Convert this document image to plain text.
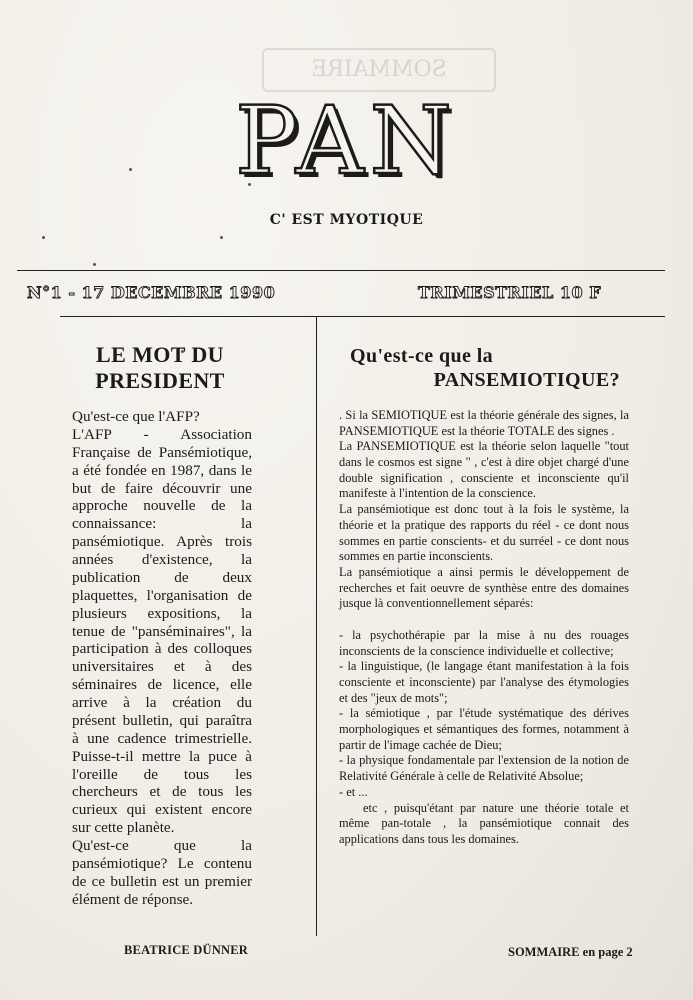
SOMMAIRE
PAN
C' EST MYOTIQUE
N°1 - 17 DECEMBRE 1990	TRIMESTRIEL 10 F
LE MOT DU PRESIDENT

Qu'est-ce que l'AFP?

L'AFP - Association Française de Pansémiotique, a été fondée en 1987, dans le but de faire découvrir une approche nouvelle de la connaissance: la pansémiotique. Après trois années d'existence, la publication de deux plaquettes, l'organisation de plusieurs expositions, la tenue de "panséminaires", la participation à des colloques universitaires et à des séminaires de licence, elle arrive à la création du présent bulletin, qui paraîtra à une cadence trimestrielle. Puisse-t-il mettre la puce à l'oreille de tous les chercheurs et de tous les curieux qui existent encore sur cette planète.

Qu'est-ce que la pansémiotique? Le contenu de ce bulletin est un premier élément de réponse.

BEATRICE DÜNNER
Qu'est-ce que la
PANSEMIOTIQUE?

. Si la SEMIOTIQUE est la théorie générale des signes, la PANSEMIOTIQUE est la théorie TOTALE des signes .

La PANSEMIOTIQUE est la théorie selon laquelle "tout dans le cosmos est signe " , c'est à dire objet chargé d'une double signification , consciente et inconsciente qu'il manifeste à l'intention de la conscience.

La pansémiotique est donc tout à la fois le système, la théorie et la pratique des rapports du réel - ce dont nous sommes en partie conscients- et du surréel - ce dont nous sommes en partie inconscients.

La pansémiotique a ainsi permis le développement de recherches et fait oeuvre de synthèse entre des domaines jusque là conventionnellement séparés:

- la psychothérapie par la mise à nu des rouages inconscients de la conscience individuelle et collective;

- la linguistique, (le langage étant manifestation à la fois consciente et inconsciente) par l'analyse des étymologies et des "jeux de mots";

- la sémiotique , par l'étude systématique des dérives morphologiques et sémantiques des formes, notamment à partir de l'image cachée de Dieu;

- la physique fondamentale par l'extension de la notion de Relativité Générale à celle de Relativité Absolue;

- et ...

etc , puisqu'étant par nature une théorie totale et même pan-totale , la pansémiotique connait des applications dans tous les domaines.

SOMMAIRE en page 2
